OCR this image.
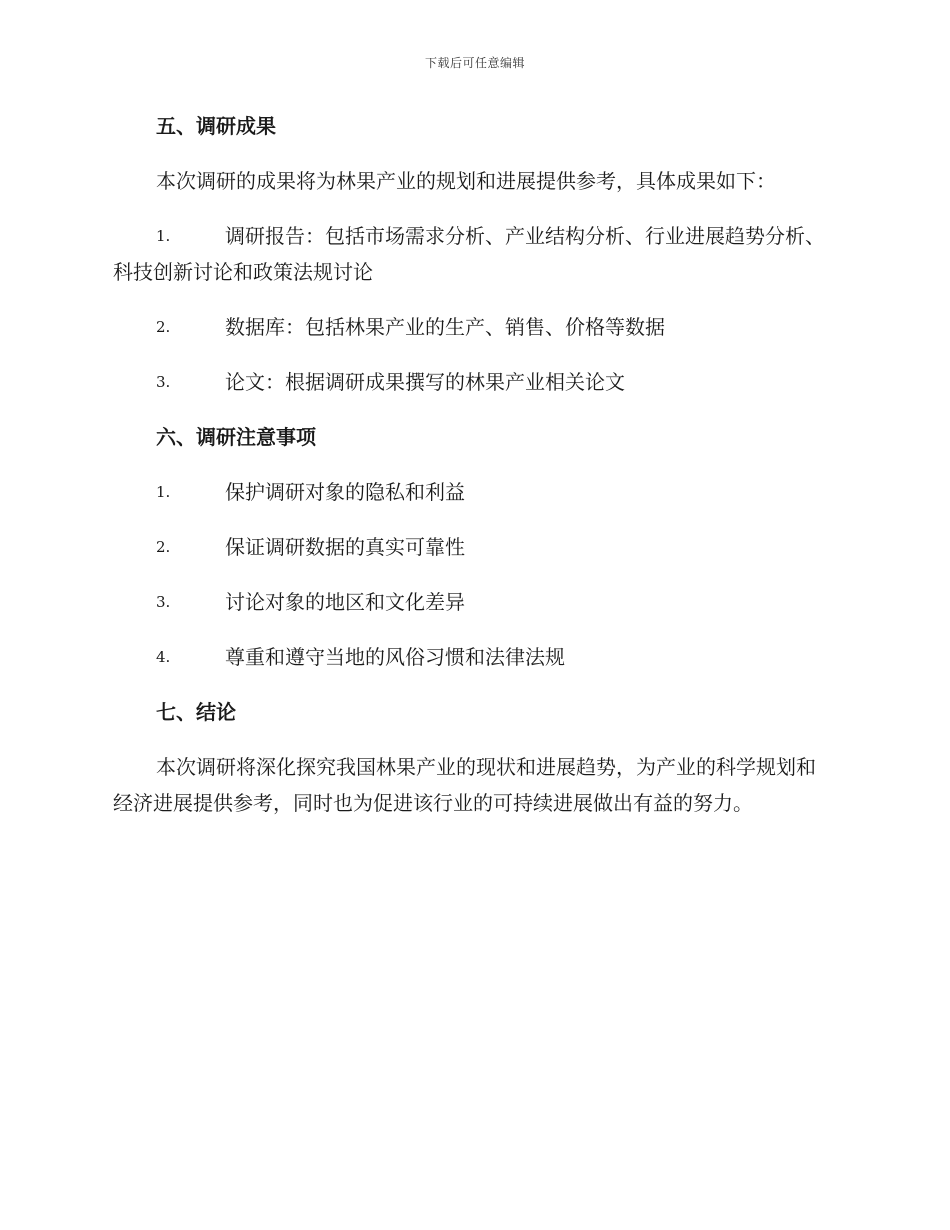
下载后可任意编辑
五、调研成果
本次调研的成果将为林果产业的规划和进展提供参考，具体成果如下：
1.	调研报告：包括市场需求分析、产业结构分析、行业进展趋势分析、科技创新讨论和政策法规讨论
2.	数据库：包括林果产业的生产、销售、价格等数据
3.	论文：根据调研成果撰写的林果产业相关论文
六、调研注意事项
1.	保护调研对象的隐私和利益
2.	保证调研数据的真实可靠性
3.	讨论对象的地区和文化差异
4.	尊重和遵守当地的风俗习惯和法律法规
七、结论
本次调研将深化探究我国林果产业的现状和进展趋势，为产业的科学规划和经济进展提供参考，同时也为促进该行业的可持续进展做出有益的努力。
